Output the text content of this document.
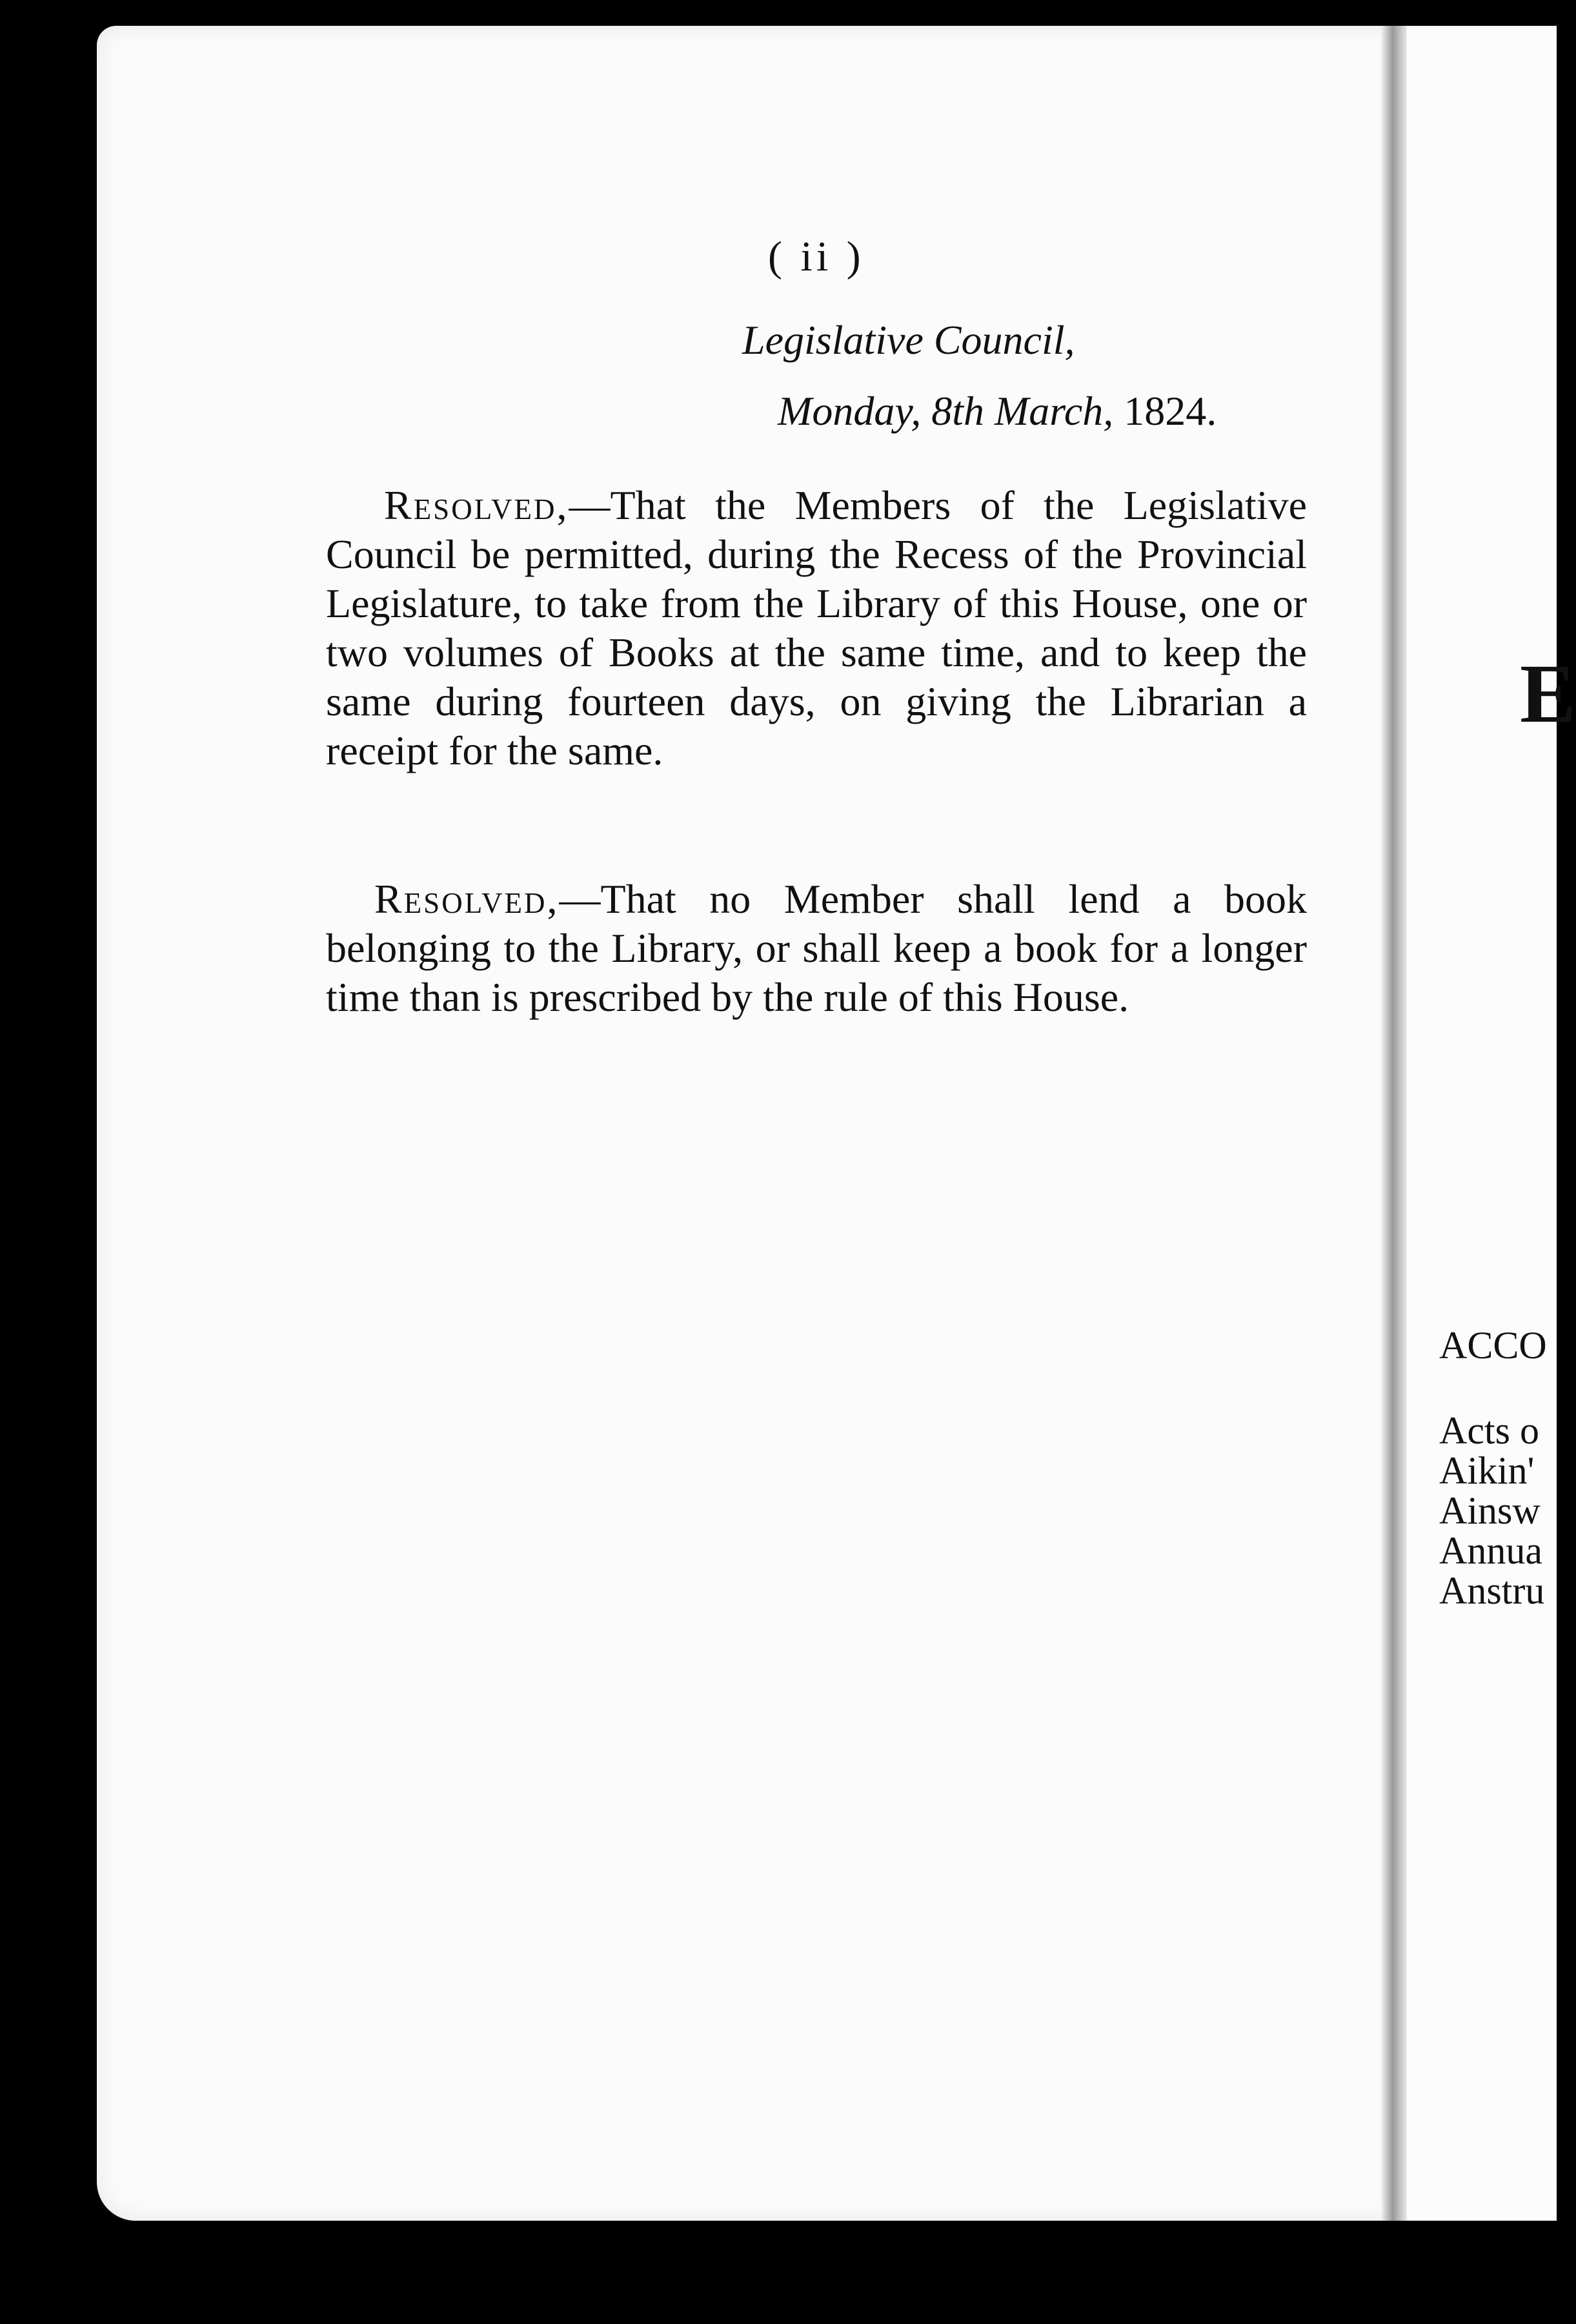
( ii )
Legislative Council,
Monday, 8th March, 1824.
Resolved,—That the Members of the Legislative Council be permitted, during the Recess of the Provincial Legislature, to take from the Library of this House, one or two volumes of Books at the same time, and to keep the same during fourteen days, on giving the Librarian a receipt for the same.
Resolved,—That no Member shall lend a book belonging to the Library, or shall keep a book for a longer time than is prescribed by the rule of this House.
E
ACCO
Acts o
Aikin'
Ainsw
Annua
Anstru
